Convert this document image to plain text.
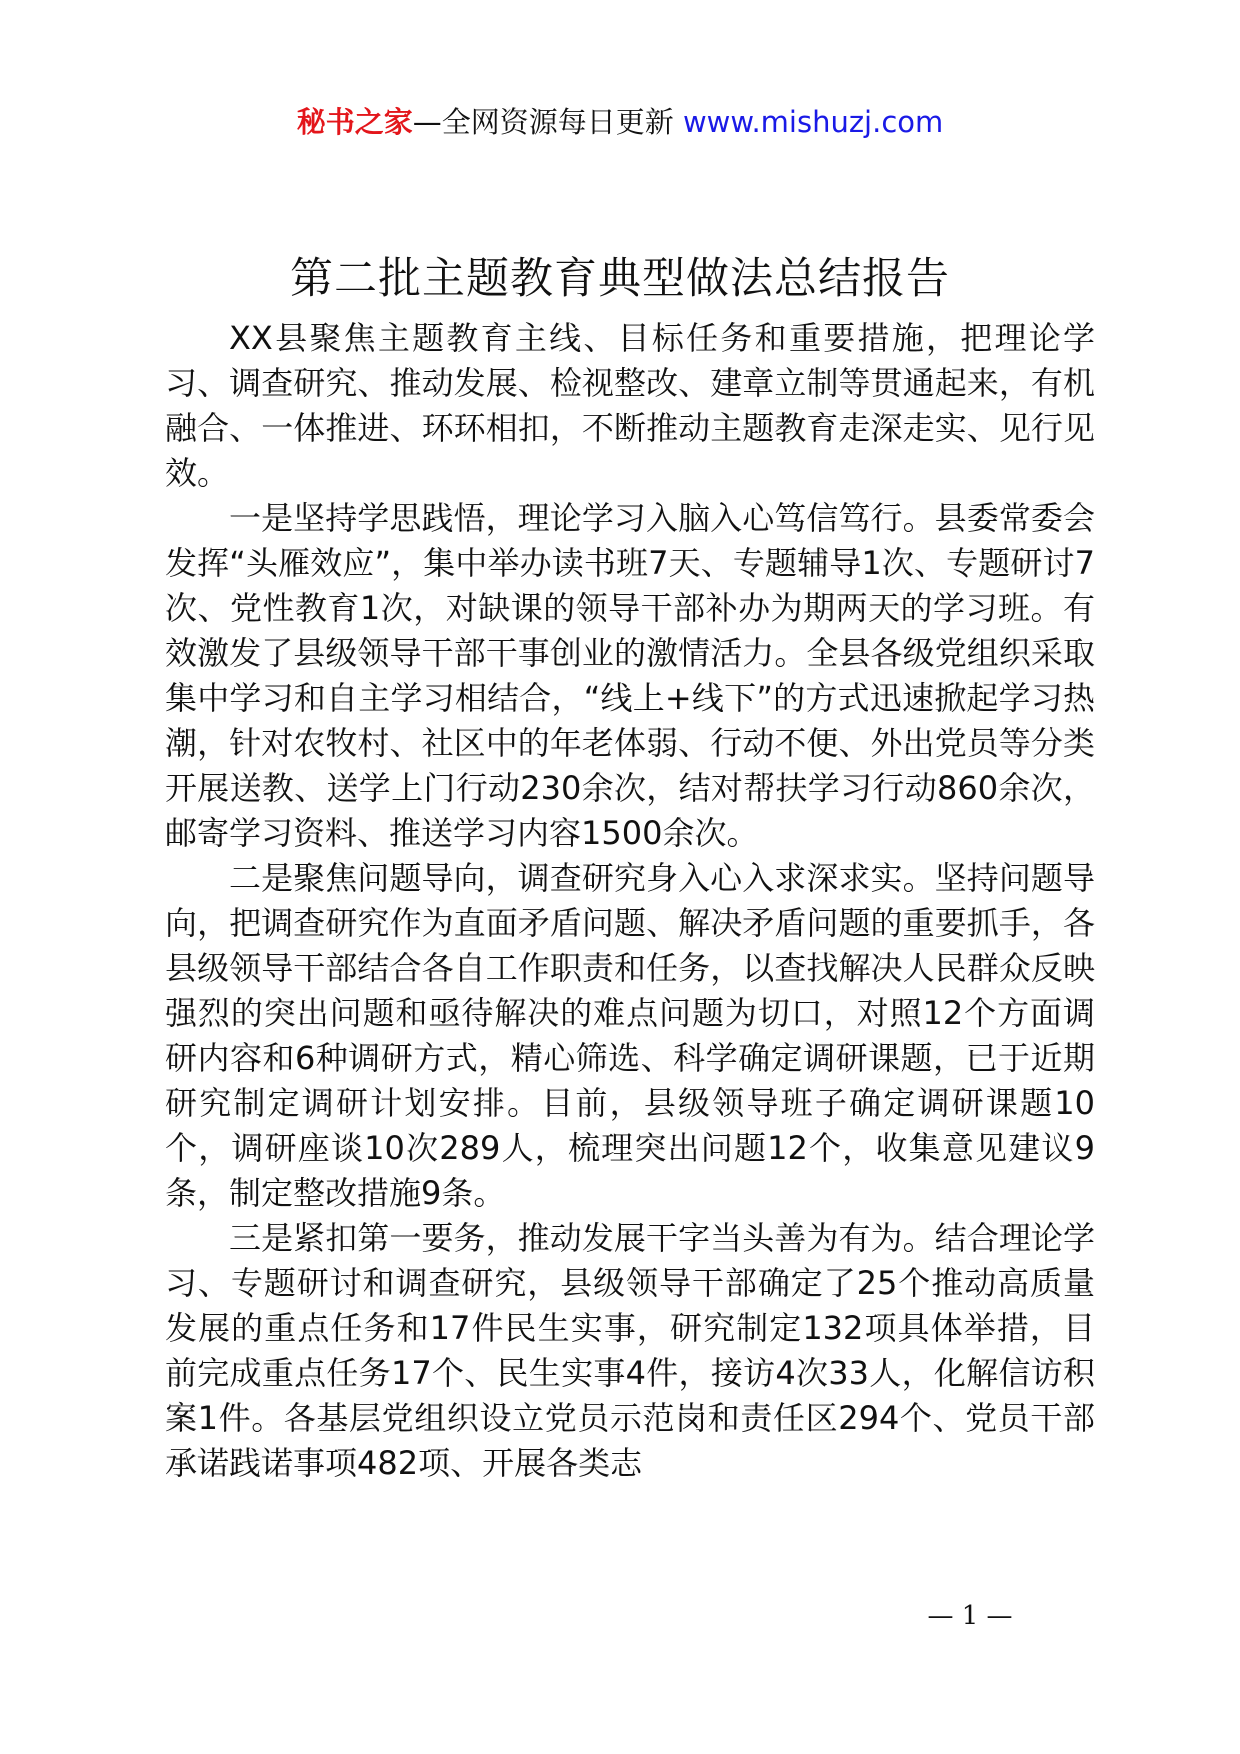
秘书之家—全网资源每日更新 www.mishuzj.com
第二批主题教育典型做法总结报告

XX县聚焦主题教育主线、目标任务和重要措施，把理论学习、调查研究、推动发展、检视整改、建章立制等贯通起来，有机融合、一体推进、环环相扣，不断推动主题教育走深走实、见行见效。

一是坚持学思践悟，理论学习入脑入心笃信笃行。县委常委会发挥“头雁效应”，集中举办读书班7天、专题辅导1次、专题研讨7次、党性教育1次，对缺课的领导干部补办为期两天的学习班。有效激发了县级领导干部干事创业的激情活力。全县各级党组织采取集中学习和自主学习相结合，“线上+线下”的方式迅速掀起学习热潮，针对农牧村、社区中的年老体弱、行动不便、外出党员等分类开展送教、送学上门行动230余次，结对帮扶学习行动860余次，邮寄学习资料、推送学习内容1500余次。

二是聚焦问题导向，调查研究身入心入求深求实。坚持问题导向，把调查研究作为直面矛盾问题、解决矛盾问题的重要抓手，各县级领导干部结合各自工作职责和任务，以查找解决人民群众反映强烈的突出问题和亟待解决的难点问题为切口，对照12个方面调研内容和6种调研方式，精心筛选、科学确定调研课题，已于近期研究制定调研计划安排。目前，县级领导班子确定调研课题10个，调研座谈10次289人，梳理突出问题12个，收集意见建议9条，制定整改措施9条。

三是紧扣第一要务，推动发展干字当头善为有为。结合理论学习、专题研讨和调查研究，县级领导干部确定了25个推动高质量发展的重点任务和17件民生实事，研究制定132项具体举措，目前完成重点任务17个、民生实事4件，接访4次33人，化解信访积案1件。各基层党组织设立党员示范岗和责任区294个、党员干部承诺践诺事项482项、开展各类志

— 1 —
